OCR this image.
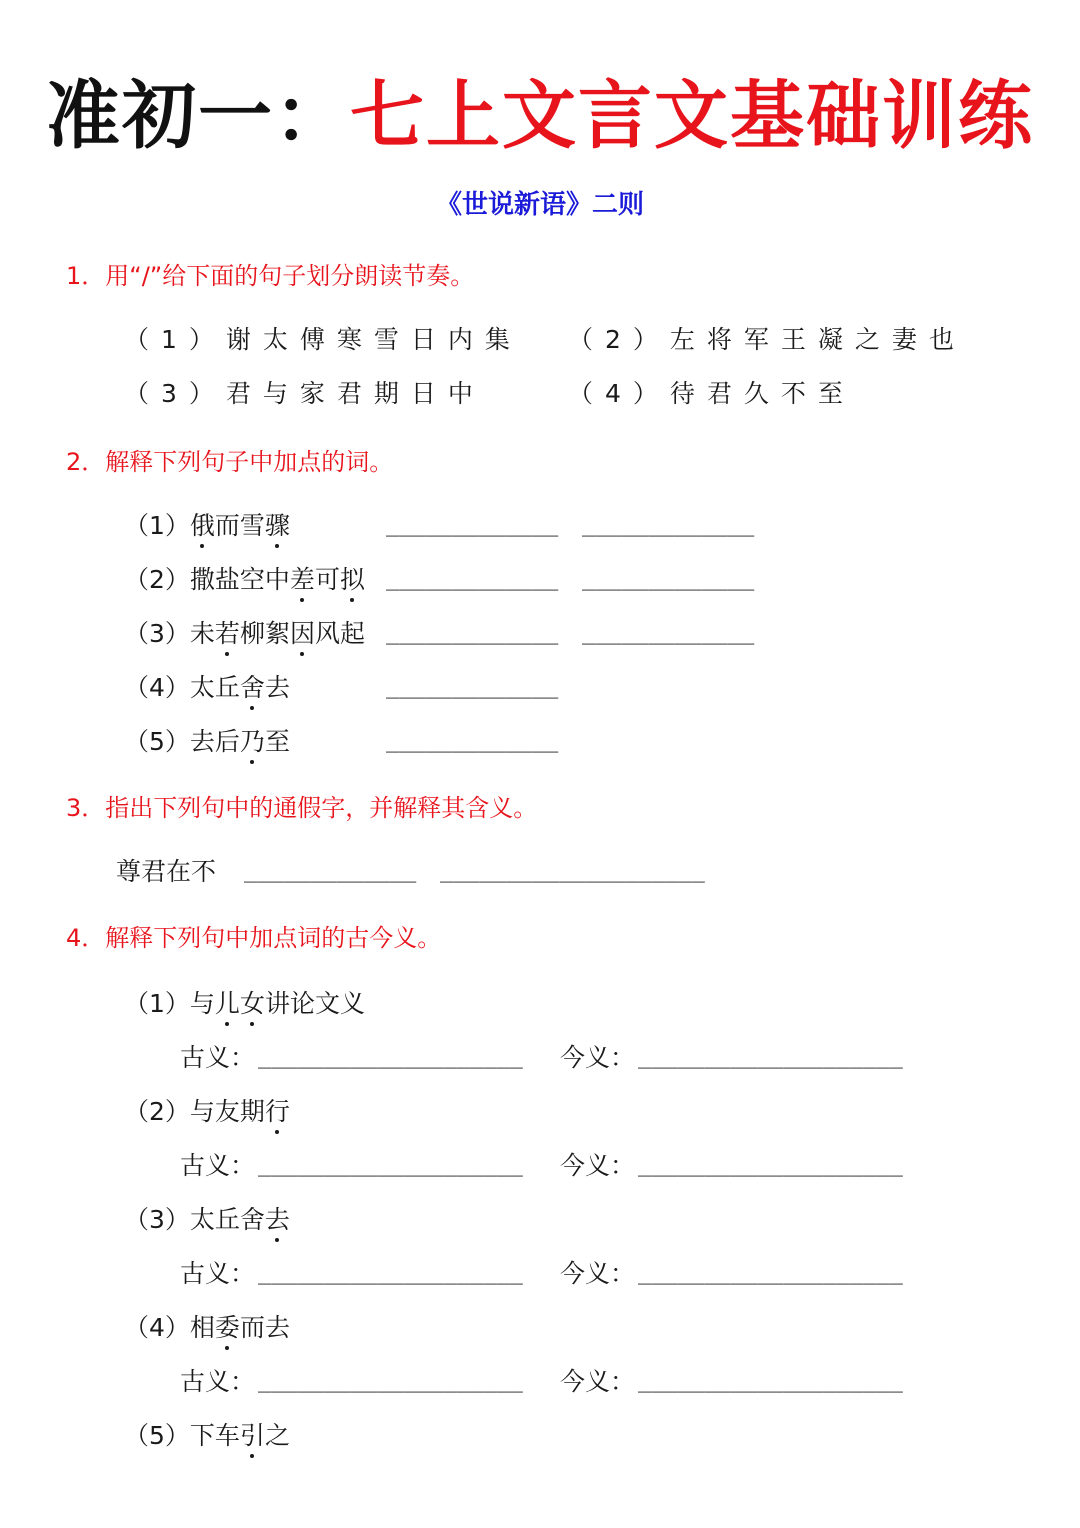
准初一：七上文言文基础训练
《世说新语》二则
1．用“/”给下面的句子划分朗读节奏。
（1）谢太傅寒雪日内集 （2）左将军王凝之妻也
（3）君与家君期日中	（4）待君久不至
2．解释下列句子中加点的词。
（1）俄而雪骤	_____________ _____________
（2）撒盐空中差可拟 _____________ _____________
（3）未若柳絮因风起 _____________ _____________
（4）太丘舍去	_____________
（5）去后乃至	_____________
3．指出下列句中的通假字，并解释其含义。
尊君在不 _____________ ____________________
4．解释下列句中加点词的古今义。
（1）与儿女讲论文义
古义： ____________________ 今义： ____________________
（2）与友期行
古义： ____________________ 今义： ____________________
（3）太丘舍去
古义： ____________________ 今义： ____________________
（4）相委而去
古义： ____________________ 今义： ____________________
（5）下车引之
